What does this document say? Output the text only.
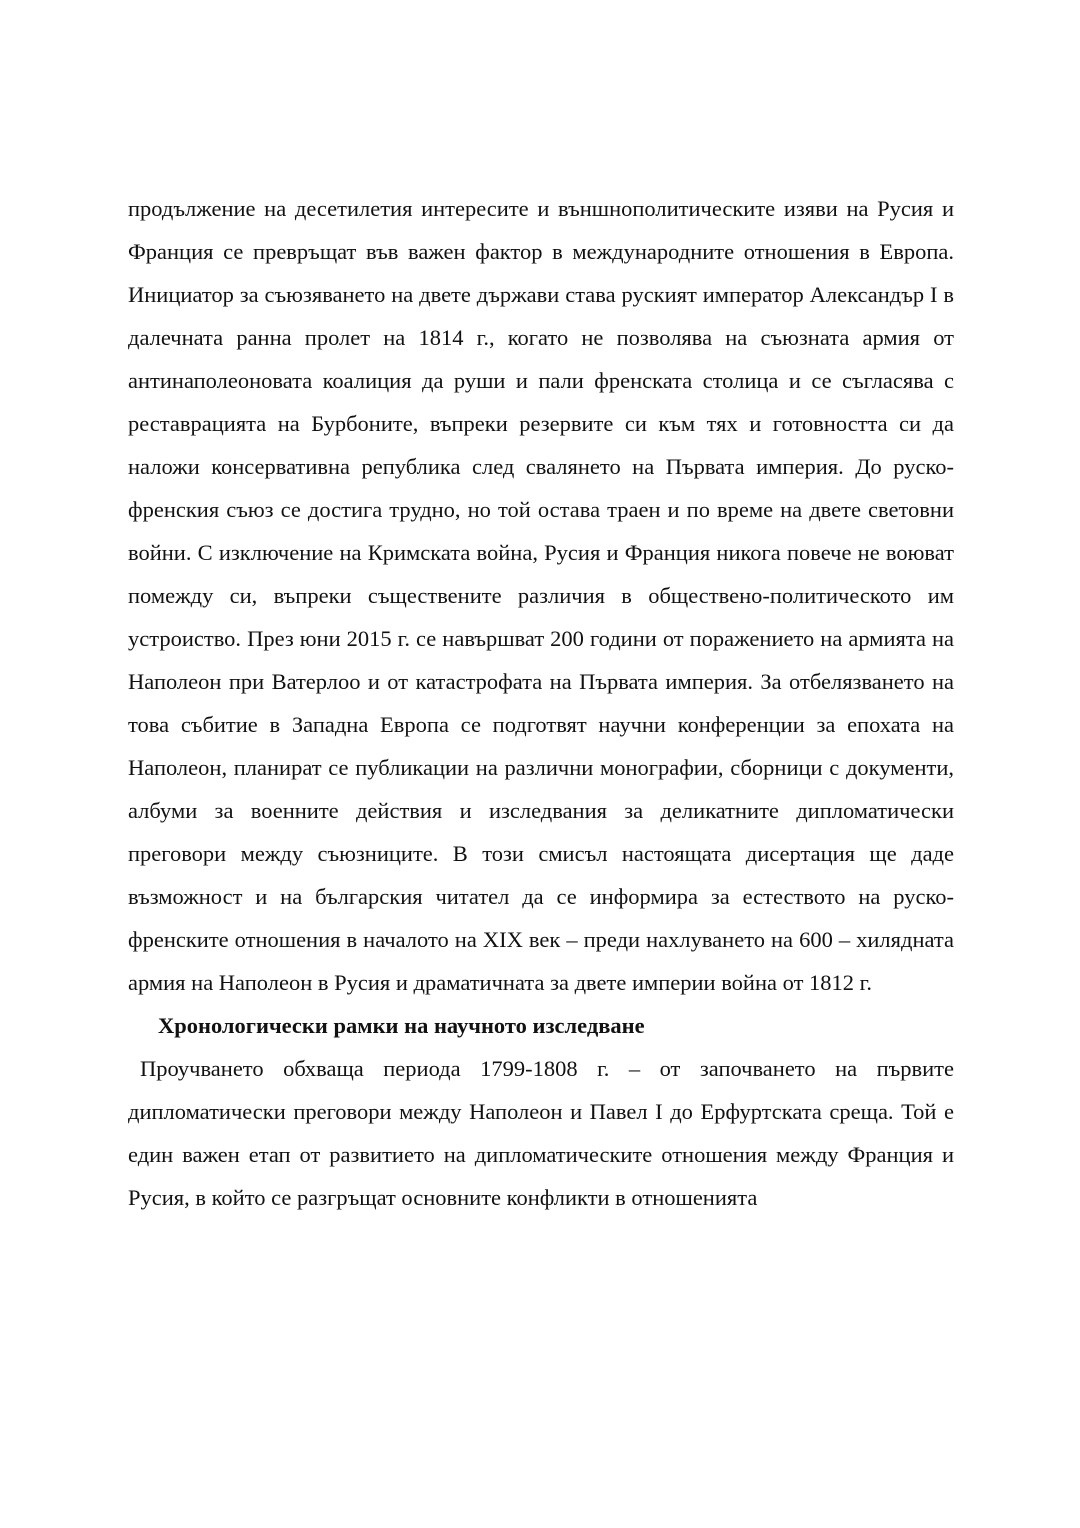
продължение на десетилетия интересите и външнополитическите изяви на Русия и Франция се превръщат във важен фактор в международните отношения в Европа. Инициатор за съюзяването на двете държави става руският император Александър I в далечната ранна пролет на 1814 г., когато не позволява на съюзната армия от антинаполеоновата коалиция да руши и пали френската столица и се съгласява с реставрацията на Бурбоните, въпреки резервите си към тях и готовността си да наложи консервативна република след свалянето на Първата империя. До руско-френския съюз се достига трудно, но той остава траен и по време на двете световни войни. С изключение на Кримската война, Русия и Франция никога повече не воюват помежду си, въпреки съществените различия в обществено-политическото им устроиство. През юни 2015 г. се навършват 200 години от поражението на армията на Наполеон при Ватерлоо и от катастрофата на Първата империя. За отбелязването на това събитие в Западна Европа се подготвят научни конференции за епохата на Наполеон, планират се публикации на различни монографии, сборници с документи, албуми за военните действия и изследвания за деликатните дипломатически преговори между съюзниците. В този смисъл настоящата дисертация ще даде възможност и на българския читател да се информира за естеството на руско-френските отношения в началото на XIX век – преди нахлуването на 600 – хилядната армия на Наполеон в Русия и драматичната за двете империи война от 1812 г.

Хронологически рамки на научното изследване

Проучването обхваща периода 1799-1808 г. – от започването на първите дипломатически преговори между Наполеон и Павел I до Ерфуртската среща. Той е един важен етап от развитието на дипломатическите отношения между Франция и Русия, в който се разгръщат основните конфликти в отношенията
